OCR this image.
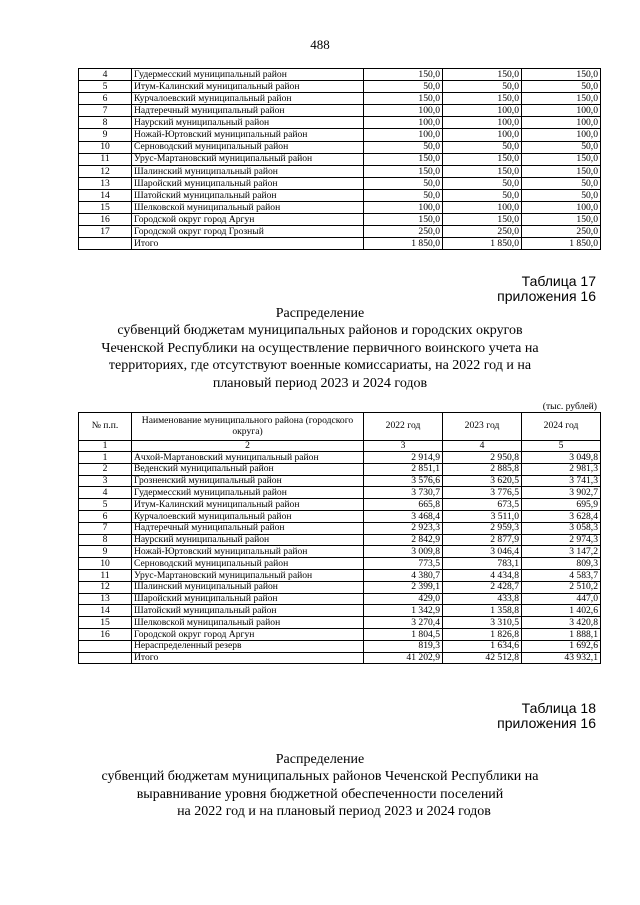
488
4	Гудермесский муниципальный район	150,0	150,0	150,0
5	Итум-Калинский муниципальный район	50,0	50,0	50,0
6	Курчалоевский муниципальный район	150,0	150,0	150,0
7	Надтеречный муниципальный район	100,0	100,0	100,0
8	Наурский муниципальный район	100,0	100,0	100,0
9	Ножай-Юртовский муниципальный район	100,0	100,0	100,0
10	Серноводский муниципальный район	50,0	50,0	50,0
11	Урус-Мартановский муниципальный район	150,0	150,0	150,0
12	Шалинский муниципальный район	150,0	150,0	150,0
13	Шаройский муниципальный район	50,0	50,0	50,0
14	Шатойский муниципальный район	50,0	50,0	50,0
15	Шелковской муниципальный район	100,0	100,0	100,0
16	Городской округ город Аргун	150,0	150,0	150,0
17	Городской округ город Грозный	250,0	250,0	250,0
	Итого	1 850,0	1 850,0	1 850,0
Таблица 17
приложения 16
Распределение
субвенций бюджетам муниципальных районов и городских округов
Чеченской Республики на осуществление первичного воинского учета на
территориях, где отсутствуют военные комиссариаты, на 2022 год и на
плановый период 2023 и 2024 годов
(тыс. рублей)
№ п.п.	Наименование муниципального района (городского округа)	2022 год	2023 год	2024 год
1	2	3	4	5
1	Ачхой-Мартановский муниципальный район	2 914,9	2 950,8	3 049,8
2	Веденский муниципальный район	2 851,1	2 885,8	2 981,3
3	Грозненский муниципальный район	3 576,6	3 620,5	3 741,3
4	Гудермесский муниципальный район	3 730,7	3 776,5	3 902,7
5	Итум-Калинский муниципальный район	665,8	673,5	695,9
6	Курчалоевский муниципальный район	3 468,4	3 511,0	3 628,4
7	Надтеречный муниципальный район	2 923,3	2 959,3	3 058,3
8	Наурский муниципальный район	2 842,9	2 877,9	2 974,3
9	Ножай-Юртовский муниципальный район	3 009,8	3 046,4	3 147,2
10	Серноводский муниципальный район	773,5	783,1	809,3
11	Урус-Мартановский муниципальный район	4 380,7	4 434,8	4 583,7
12	Шалинский муниципальный район	2 399,1	2 428,7	2 510,2
13	Шаройский муниципальный район	429,0	433,8	447,0
14	Шатойский муниципальный район	1 342,9	1 358,8	1 402,6
15	Шелковской муниципальный район	3 270,4	3 310,5	3 420,8
16	Городской округ город Аргун	1 804,5	1 826,8	1 888,1
	Нераспределенный резерв	819,3	1 634,6	1 692,6
	Итого	41 202,9	42 512,8	43 932,1
Таблица 18
приложения 16
Распределение
субвенций бюджетам муниципальных районов Чеченской Республики на
выравнивание уровня бюджетной обеспеченности поселений
на 2022 год и на плановый период 2023 и 2024 годов
